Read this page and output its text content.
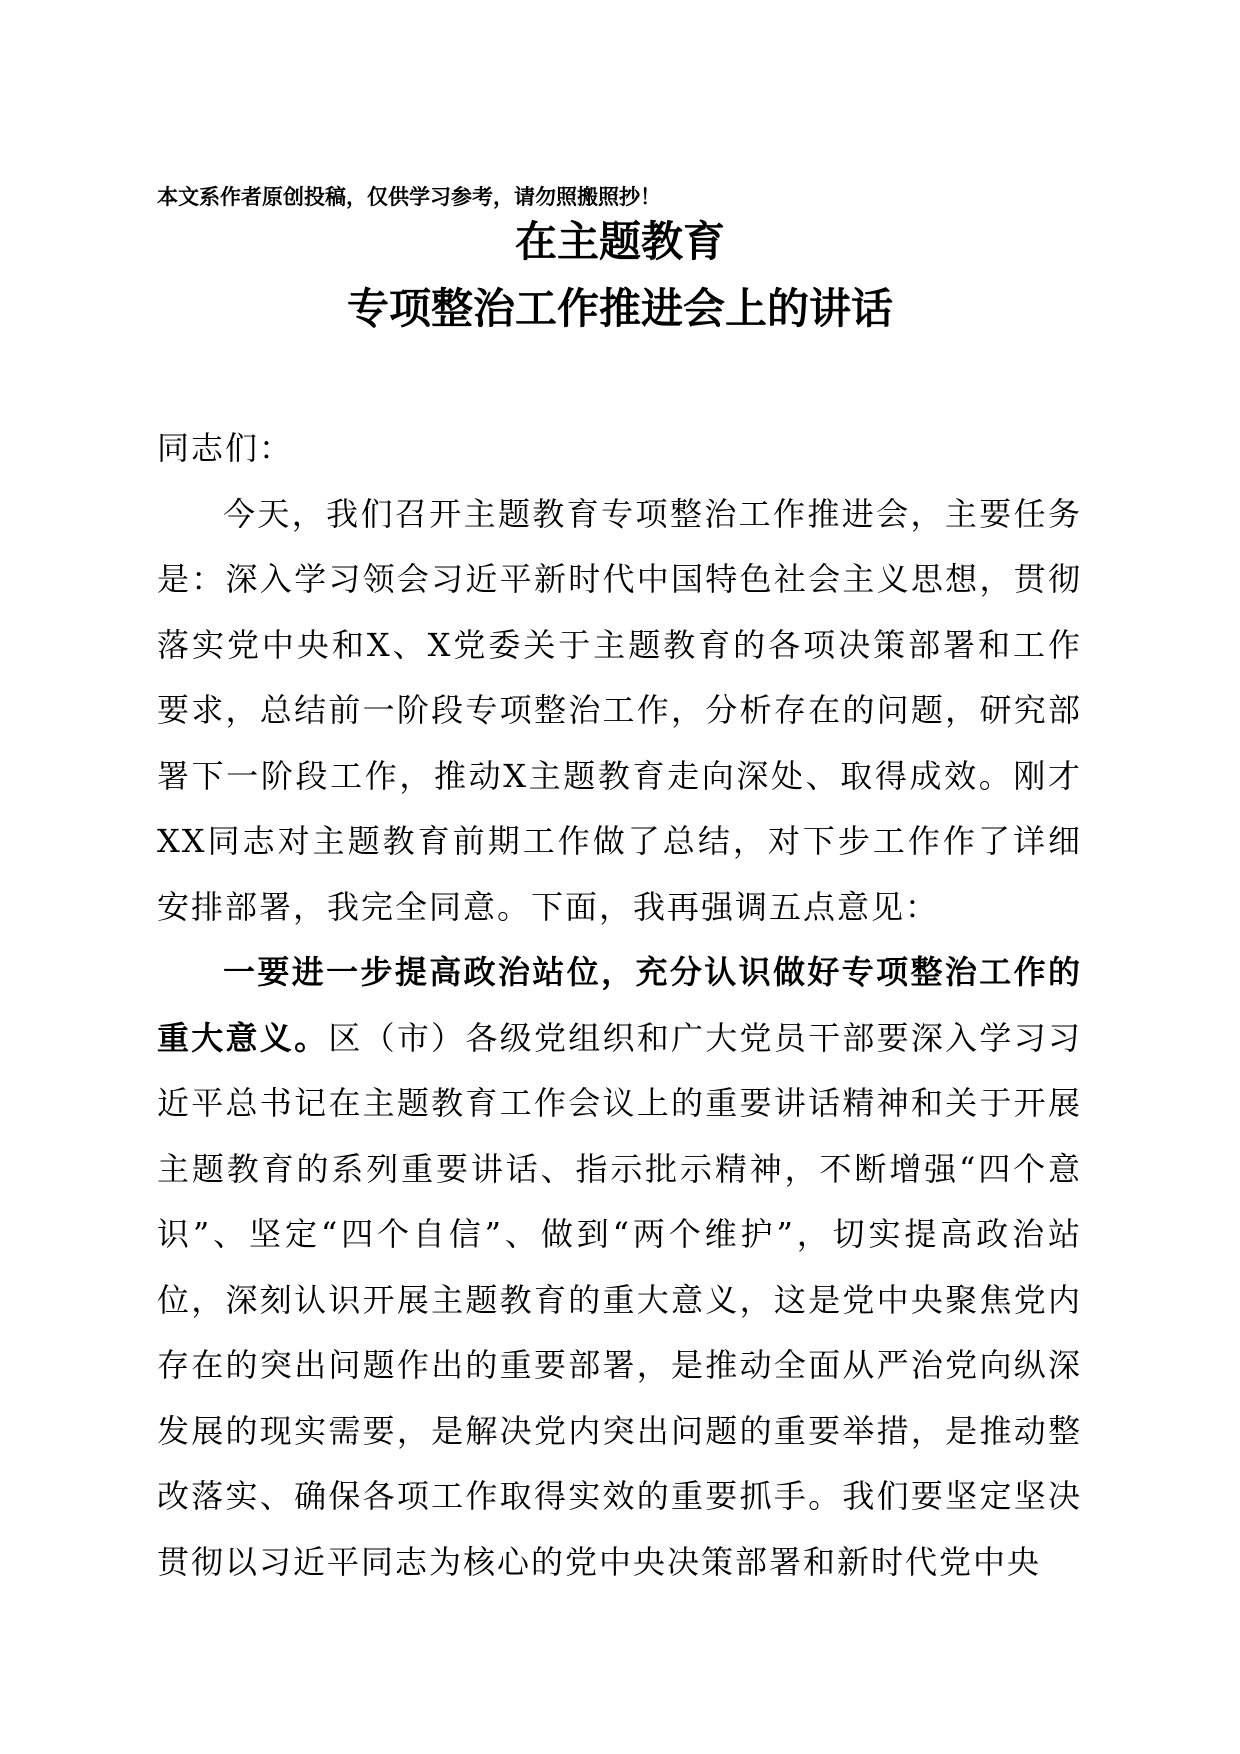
本文系作者原创投稿，仅供学习参考，请勿照搬照抄！
在主题教育
专项整治工作推进会上的讲话

同志们：

今天，我们召开主题教育专项整治工作推进会，主要任务是：深入学习领会习近平新时代中国特色社会主义思想，贯彻落实党中央和X、X党委关于主题教育的各项决策部署和工作要求，总结前一阶段专项整治工作，分析存在的问题，研究部署下一阶段工作，推动X主题教育走向深处、取得成效。刚才XX同志对主题教育前期工作做了总结，对下步工作作了详细安排部署，我完全同意。下面，我再强调五点意见：

一要进一步提高政治站位，充分认识做好专项整治工作的重大意义。区（市）各级党组织和广大党员干部要深入学习习近平总书记在主题教育工作会议上的重要讲话精神和关于开展主题教育的系列重要讲话、指示批示精神，不断增强“四个意识”、坚定“四个自信”、做到“两个维护”，切实提高政治站位，深刻认识开展主题教育的重大意义，这是党中央聚焦党内存在的突出问题作出的重要部署，是推动全面从严治党向纵深发展的现实需要，是解决党内突出问题的重要举措，是推动整改落实、确保各项工作取得实效的重要抓手。我们要坚定坚决贯彻以习近平同志为核心的党中央决策部署和新时代党中央
